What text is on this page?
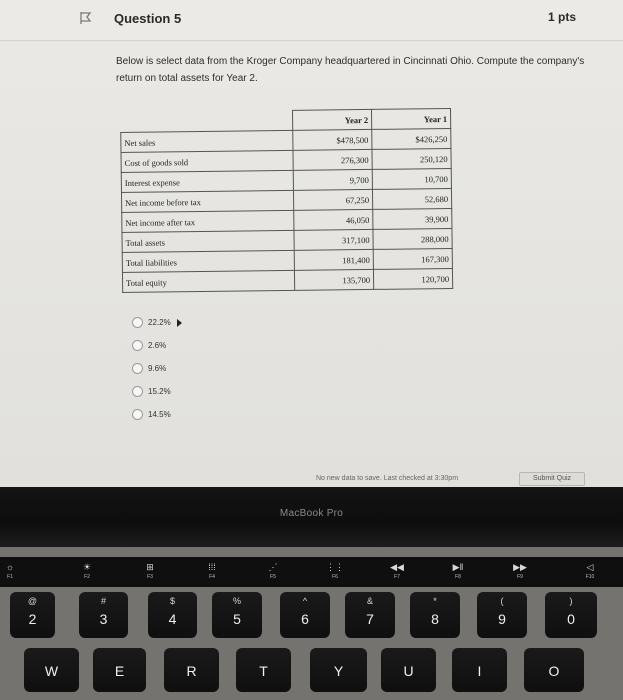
Question 5	1 pts
Below is select data from the Kroger Company headquartered in Cincinnati Ohio. Compute the company's return on total assets for Year 2.
	Year 2	Year 1
Net sales	$478,500	$426,250
Cost of goods sold	276,300	250,120
Interest expense	9,700	10,700
Net income before tax	67,250	52,680
Net income after tax	46,050	39,900
Total assets	317,100	288,000
Total liabilities	181,400	167,300
Total equity	135,700	120,700
22.2%
2.6%
9.6%
15.2%
14.5%
No new data to save. Last checked at 3:30pm	Submit Quiz
MacBook Pro
☼
F1
☀
F2
⊞
F3
⁞⁞⁞
F4
⋰
F5
⋮⋮
F6
◀◀
F7
▶‖
F8
▶▶
F9
◁
F10
@
2
#
3
$
4
%
5
^
6
&
7
*
8
(
9
)
0
W	E	R	T	Y	U	I	O
